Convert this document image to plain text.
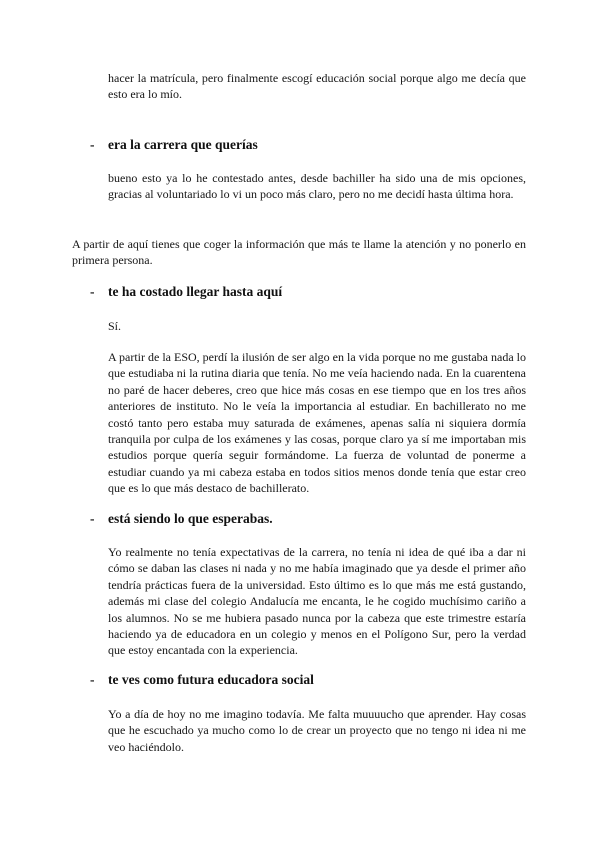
hacer la matrícula, pero finalmente escogí educación social porque algo me decía que esto era lo mío.

- era la carrera que querías

bueno esto ya lo he contestado antes, desde bachiller ha sido una de mis opciones, gracias al voluntariado lo vi un poco más claro, pero no me decidí hasta última hora.

A partir de aquí tienes que coger la información que más te llame la atención y no ponerlo en primera persona.

- te ha costado llegar hasta aquí

Sí.

A partir de la ESO, perdí la ilusión de ser algo en la vida porque no me gustaba nada lo que estudiaba ni la rutina diaria que tenía. No me veía haciendo nada. En la cuarentena no paré de hacer deberes, creo que hice más cosas en ese tiempo que en los tres años anteriores de instituto. No le veía la importancia al estudiar. En bachillerato no me costó tanto pero estaba muy saturada de exámenes, apenas salía ni siquiera dormía tranquila por culpa de los exámenes y las cosas, porque claro ya sí me importaban mis estudios porque quería seguir formándome. La fuerza de voluntad de ponerme a estudiar cuando ya mi cabeza estaba en todos sitios menos donde tenía que estar creo que es lo que más destaco de bachillerato.

- está siendo lo que esperabas.

Yo realmente no tenía expectativas de la carrera, no tenía ni idea de qué iba a dar ni cómo se daban las clases ni nada y no me había imaginado que ya desde el primer año tendría prácticas fuera de la universidad. Esto último es lo que más me está gustando, además mi clase del colegio Andalucía me encanta, le he cogido muchísimo cariño a los alumnos. No se me hubiera pasado nunca por la cabeza que este trimestre estaría haciendo ya de educadora en un colegio y menos en el Polígono Sur, pero la verdad que estoy encantada con la experiencia.

- te ves como futura educadora social

Yo a día de hoy no me imagino todavía. Me falta muuuucho que aprender. Hay cosas que he escuchado ya mucho como lo de crear un proyecto que no tengo ni idea ni me veo haciéndolo.
